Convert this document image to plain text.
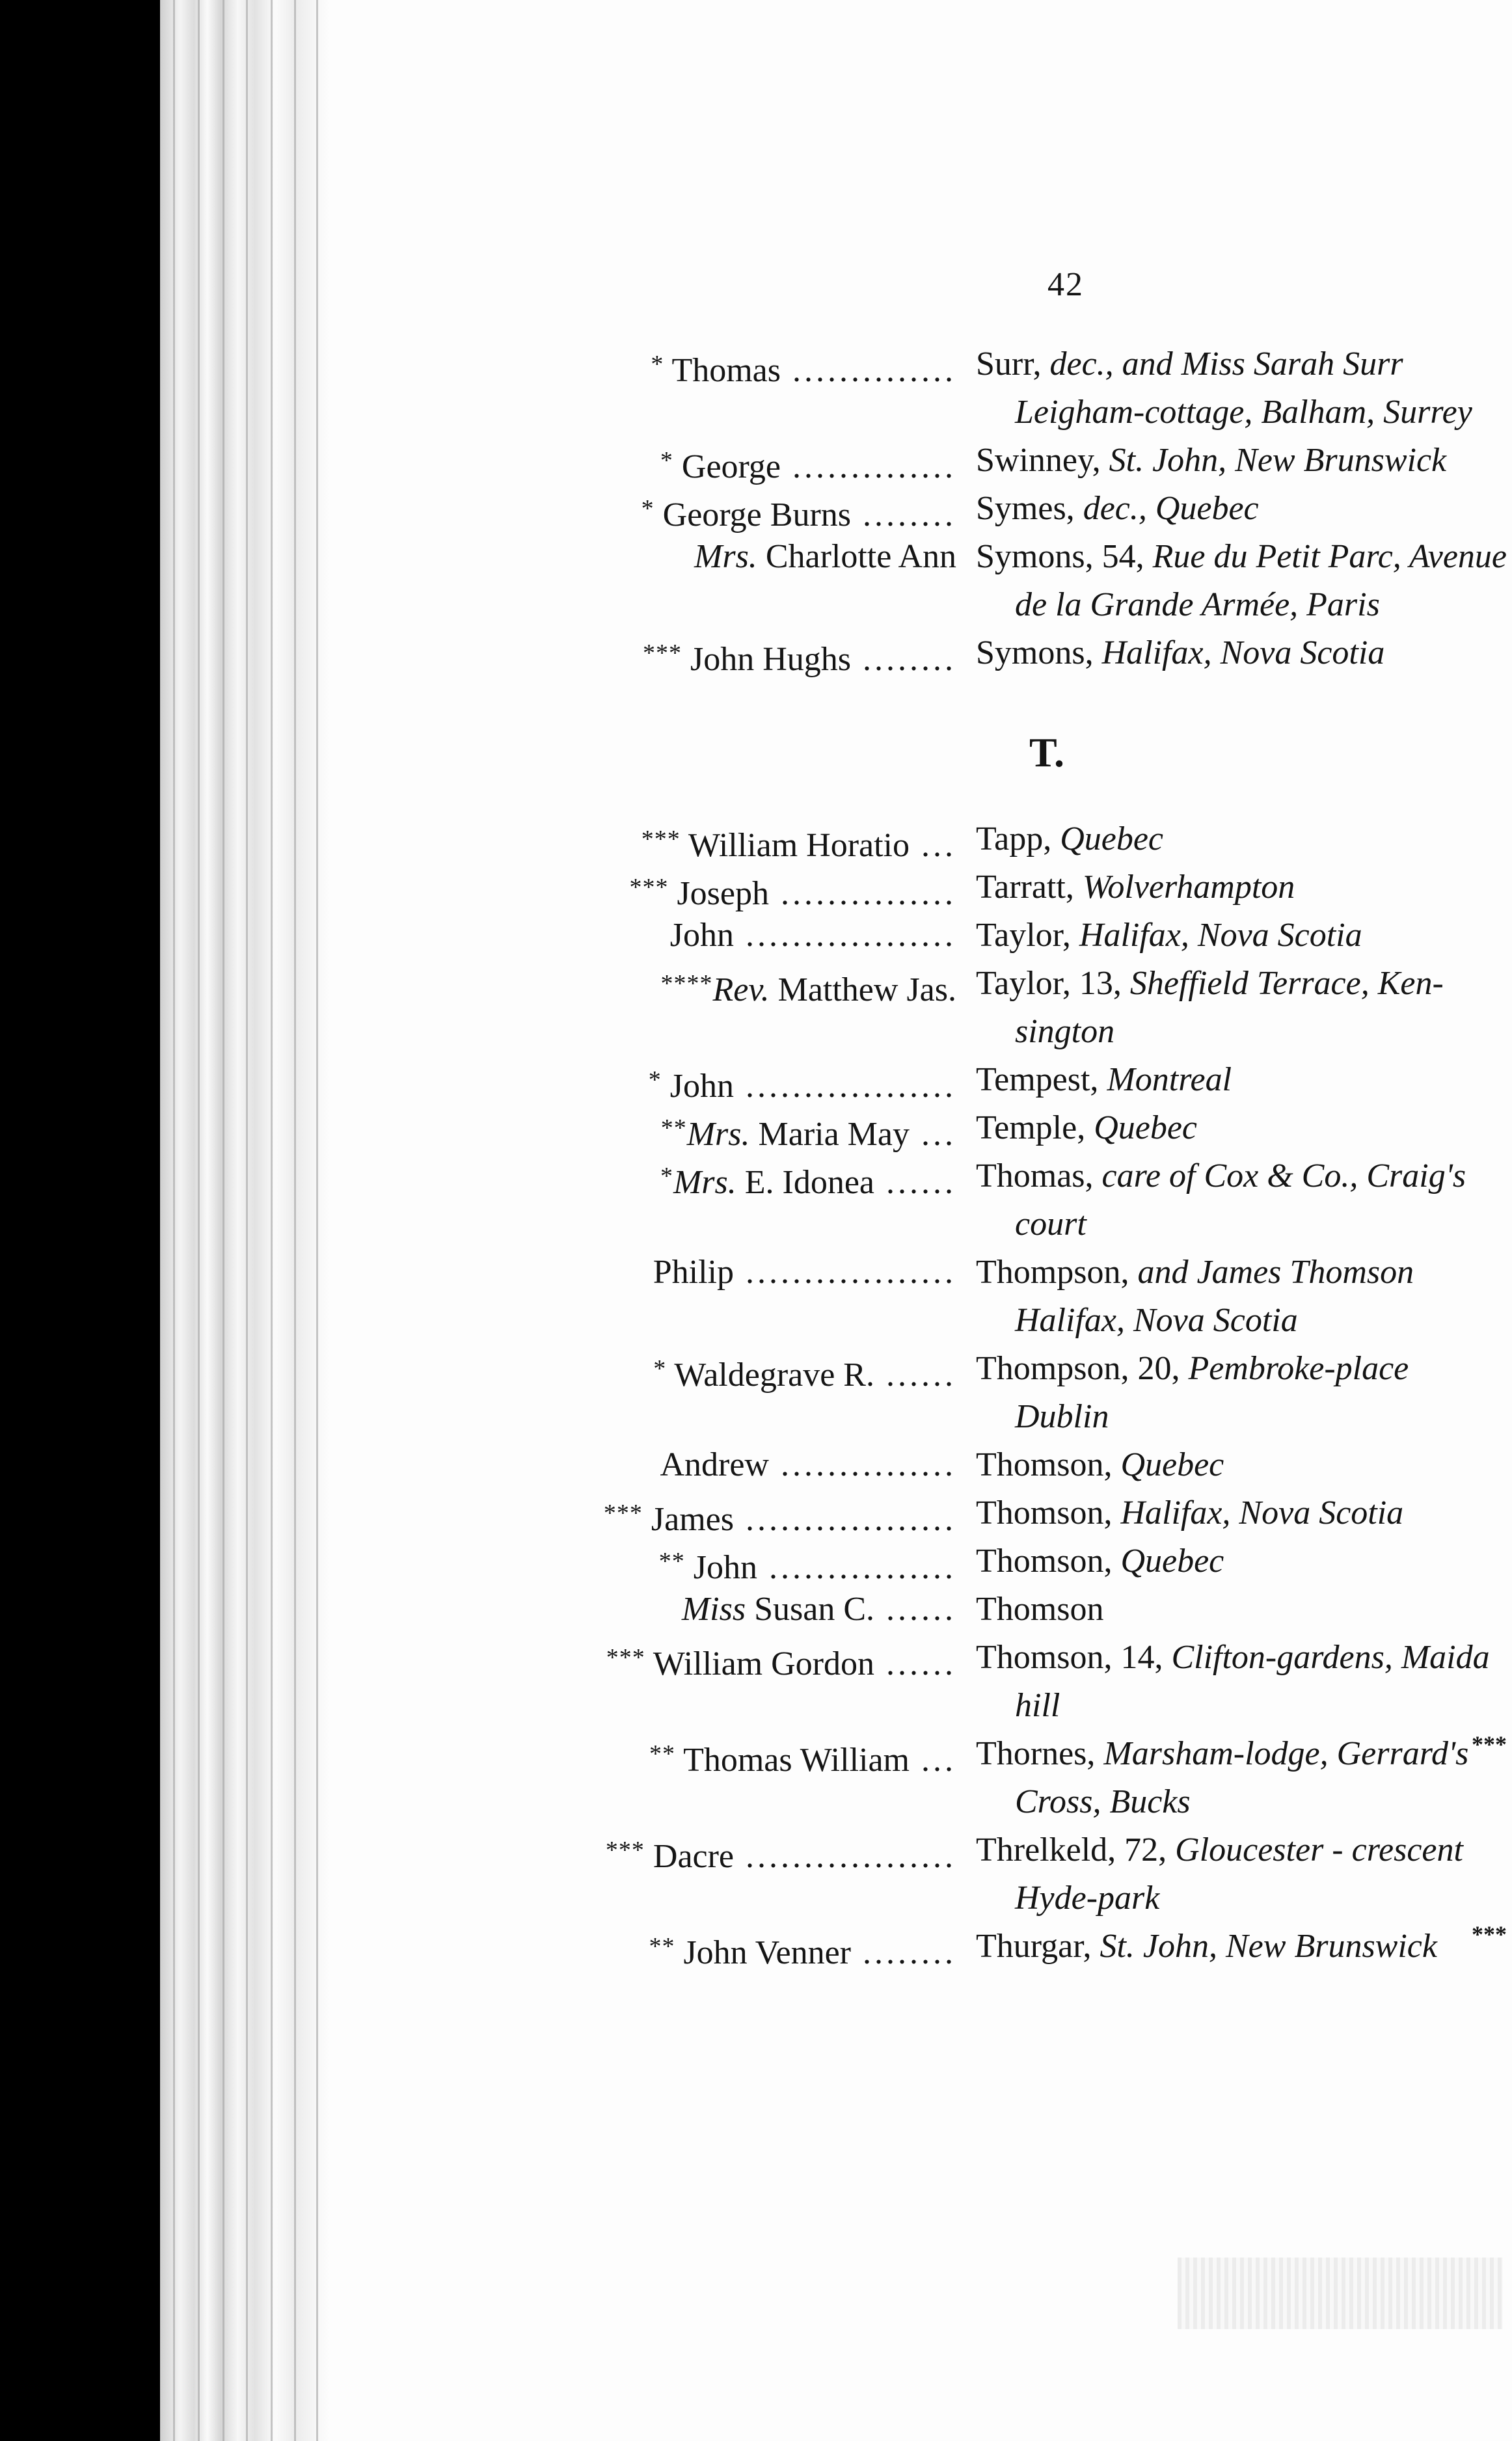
42
* Thomas .............. Surr, dec., and Miss Sarah Surr
Leigham-cottage, Balham, Surrey
* George .............. Swinney, St. John, New Brunswick
* George Burns ........ Symes, dec., Quebec
Mrs. Charlotte Ann Symons, 54, Rue du Petit Parc, Avenue
de la Grande Armée, Paris
*** John Hughs ........ Symons, Halifax, Nova Scotia
T.
*** William Horatio ... Tapp, Quebec
*** Joseph ............... Tarratt, Wolverhampton
John .................. Taylor, Halifax, Nova Scotia
****Rev. Matthew Jas. Taylor, 13, Sheffield Terrace, Ken-
sington
* John .................. Tempest, Montreal
**Mrs. Maria May ... Temple, Quebec
*Mrs. E. Idonea ...... Thomas, care of Cox & Co., Craig's
court
Philip .................. Thompson, and James Thomson
Halifax, Nova Scotia
* Waldegrave R. ...... Thompson, 20, Pembroke-place
Dublin
Andrew ............... Thomson, Quebec
*** James .................. Thomson, Halifax, Nova Scotia
** John ................ Thomson, Quebec
Miss Susan C. ...... Thomson
*** William Gordon ...... Thomson, 14, Clifton-gardens, Maida
hill
** Thomas William ... Thornes, Marsham-lodge, Gerrard's
Cross, Bucks
*** Dacre .................. Threlkeld, 72, Gloucester - crescent
Hyde-park
** John Venner ........ Thurgar, St. John, New Brunswick
***
***
